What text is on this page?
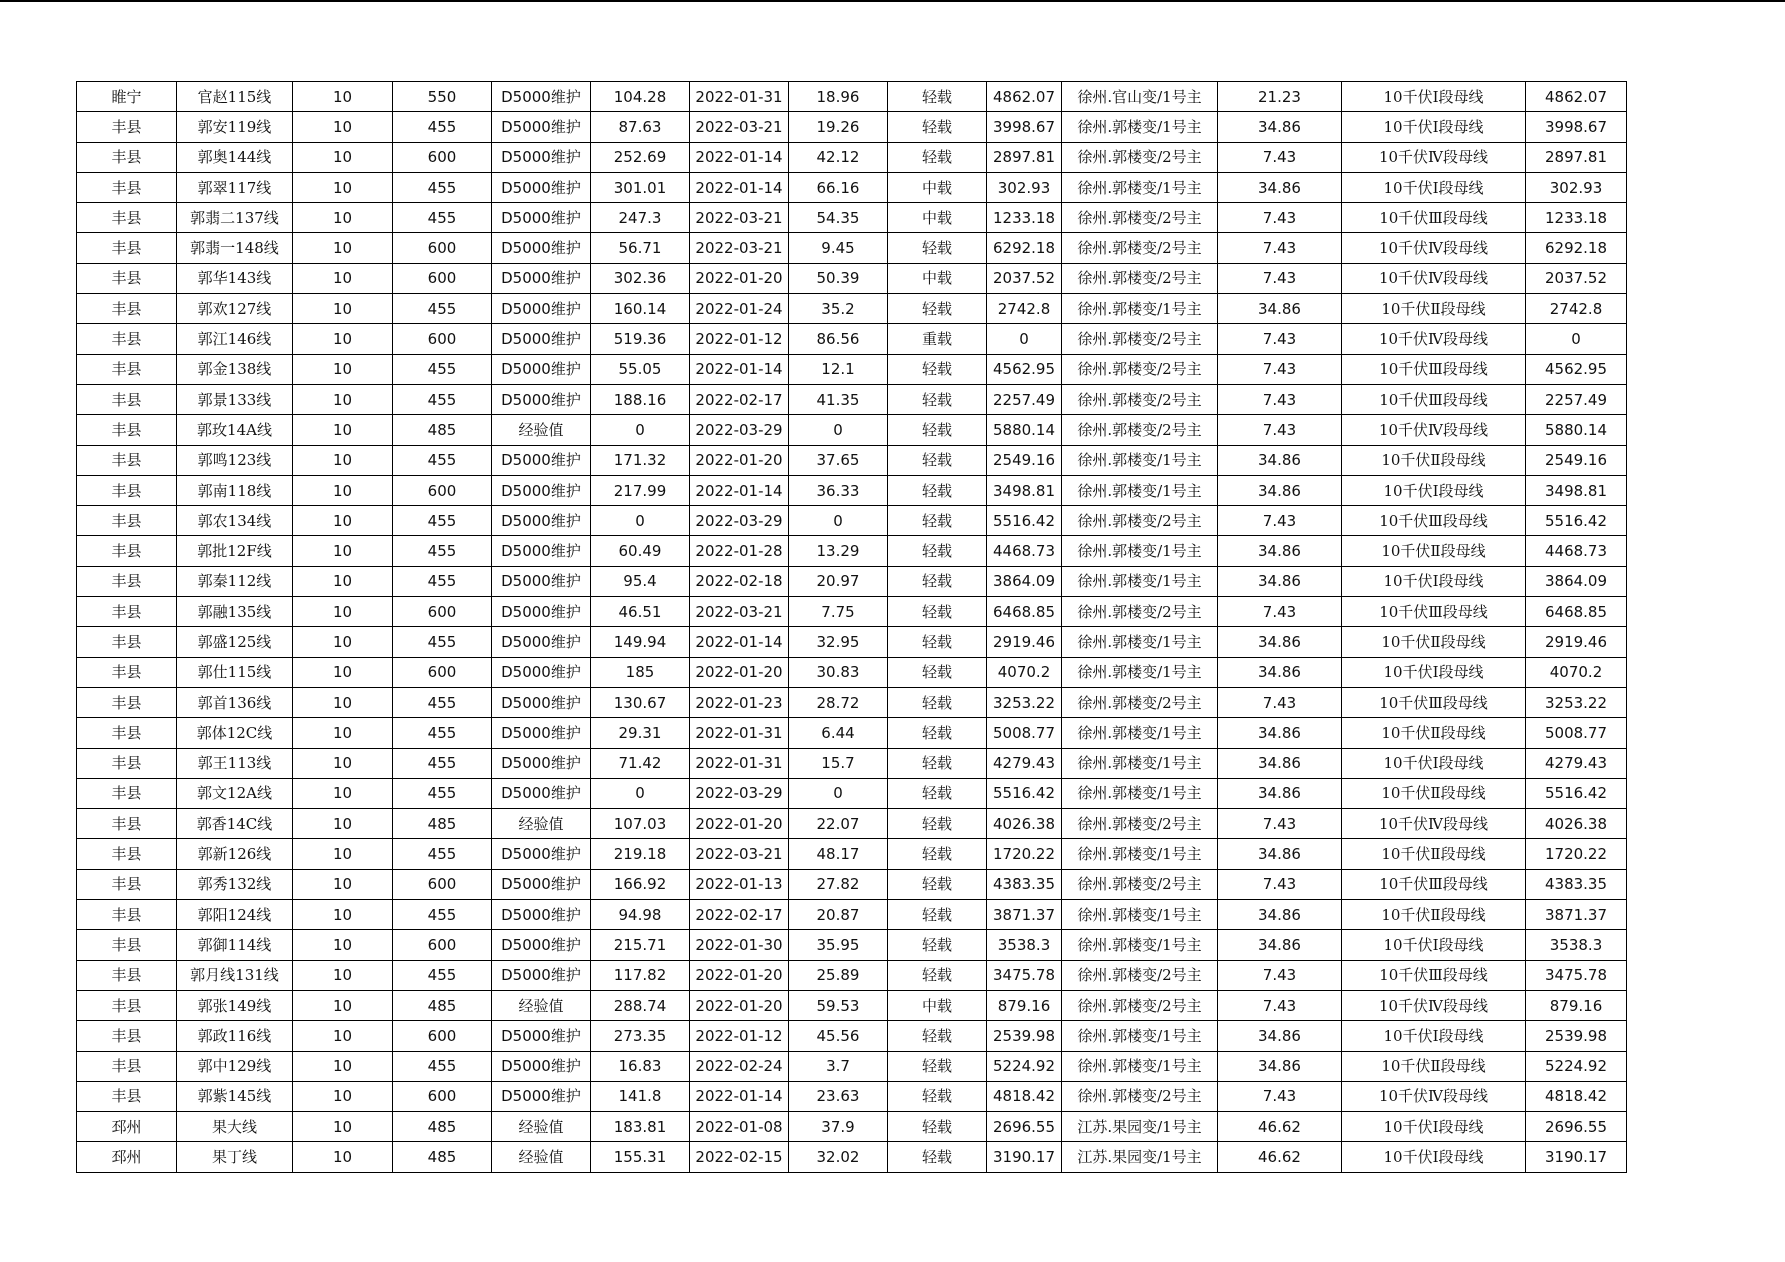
睢宁	官赵115线	10	550	D5000维护	104.28	2022-01-31	18.96	轻载	4862.07	徐州.官山变/1号主	21.23	10千伏Ⅰ段母线	4862.07
丰县	郭安119线	10	455	D5000维护	87.63	2022-03-21	19.26	轻载	3998.67	徐州.郭楼变/1号主	34.86	10千伏Ⅰ段母线	3998.67
丰县	郭奥144线	10	600	D5000维护	252.69	2022-01-14	42.12	轻载	2897.81	徐州.郭楼变/2号主	7.43	10千伏Ⅳ段母线	2897.81
丰县	郭翠117线	10	455	D5000维护	301.01	2022-01-14	66.16	中载	302.93	徐州.郭楼变/1号主	34.86	10千伏Ⅰ段母线	302.93
丰县	郭翡二137线	10	455	D5000维护	247.3	2022-03-21	54.35	中载	1233.18	徐州.郭楼变/2号主	7.43	10千伏Ⅲ段母线	1233.18
丰县	郭翡一148线	10	600	D5000维护	56.71	2022-03-21	9.45	轻载	6292.18	徐州.郭楼变/2号主	7.43	10千伏Ⅳ段母线	6292.18
丰县	郭华143线	10	600	D5000维护	302.36	2022-01-20	50.39	中载	2037.52	徐州.郭楼变/2号主	7.43	10千伏Ⅳ段母线	2037.52
丰县	郭欢127线	10	455	D5000维护	160.14	2022-01-24	35.2	轻载	2742.8	徐州.郭楼变/1号主	34.86	10千伏Ⅱ段母线	2742.8
丰县	郭江146线	10	600	D5000维护	519.36	2022-01-12	86.56	重载	0	徐州.郭楼变/2号主	7.43	10千伏Ⅳ段母线	0
丰县	郭金138线	10	455	D5000维护	55.05	2022-01-14	12.1	轻载	4562.95	徐州.郭楼变/2号主	7.43	10千伏Ⅲ段母线	4562.95
丰县	郭景133线	10	455	D5000维护	188.16	2022-02-17	41.35	轻载	2257.49	徐州.郭楼变/2号主	7.43	10千伏Ⅲ段母线	2257.49
丰县	郭玫14A线	10	485	经验值	0	2022-03-29	0	轻载	5880.14	徐州.郭楼变/2号主	7.43	10千伏Ⅳ段母线	5880.14
丰县	郭鸣123线	10	455	D5000维护	171.32	2022-01-20	37.65	轻载	2549.16	徐州.郭楼变/1号主	34.86	10千伏Ⅱ段母线	2549.16
丰县	郭南118线	10	600	D5000维护	217.99	2022-01-14	36.33	轻载	3498.81	徐州.郭楼变/1号主	34.86	10千伏Ⅰ段母线	3498.81
丰县	郭农134线	10	455	D5000维护	0	2022-03-29	0	轻载	5516.42	徐州.郭楼变/2号主	7.43	10千伏Ⅲ段母线	5516.42
丰县	郭批12F线	10	455	D5000维护	60.49	2022-01-28	13.29	轻载	4468.73	徐州.郭楼变/1号主	34.86	10千伏Ⅱ段母线	4468.73
丰县	郭秦112线	10	455	D5000维护	95.4	2022-02-18	20.97	轻载	3864.09	徐州.郭楼变/1号主	34.86	10千伏Ⅰ段母线	3864.09
丰县	郭融135线	10	600	D5000维护	46.51	2022-03-21	7.75	轻载	6468.85	徐州.郭楼变/2号主	7.43	10千伏Ⅲ段母线	6468.85
丰县	郭盛125线	10	455	D5000维护	149.94	2022-01-14	32.95	轻载	2919.46	徐州.郭楼变/1号主	34.86	10千伏Ⅱ段母线	2919.46
丰县	郭仕115线	10	600	D5000维护	185	2022-01-20	30.83	轻载	4070.2	徐州.郭楼变/1号主	34.86	10千伏Ⅰ段母线	4070.2
丰县	郭首136线	10	455	D5000维护	130.67	2022-01-23	28.72	轻载	3253.22	徐州.郭楼变/2号主	7.43	10千伏Ⅲ段母线	3253.22
丰县	郭体12C线	10	455	D5000维护	29.31	2022-01-31	6.44	轻载	5008.77	徐州.郭楼变/1号主	34.86	10千伏Ⅱ段母线	5008.77
丰县	郭王113线	10	455	D5000维护	71.42	2022-01-31	15.7	轻载	4279.43	徐州.郭楼变/1号主	34.86	10千伏Ⅰ段母线	4279.43
丰县	郭文12A线	10	455	D5000维护	0	2022-03-29	0	轻载	5516.42	徐州.郭楼变/1号主	34.86	10千伏Ⅱ段母线	5516.42
丰县	郭香14C线	10	485	经验值	107.03	2022-01-20	22.07	轻载	4026.38	徐州.郭楼变/2号主	7.43	10千伏Ⅳ段母线	4026.38
丰县	郭新126线	10	455	D5000维护	219.18	2022-03-21	48.17	轻载	1720.22	徐州.郭楼变/1号主	34.86	10千伏Ⅱ段母线	1720.22
丰县	郭秀132线	10	600	D5000维护	166.92	2022-01-13	27.82	轻载	4383.35	徐州.郭楼变/2号主	7.43	10千伏Ⅲ段母线	4383.35
丰县	郭阳124线	10	455	D5000维护	94.98	2022-02-17	20.87	轻载	3871.37	徐州.郭楼变/1号主	34.86	10千伏Ⅱ段母线	3871.37
丰县	郭御114线	10	600	D5000维护	215.71	2022-01-30	35.95	轻载	3538.3	徐州.郭楼变/1号主	34.86	10千伏Ⅰ段母线	3538.3
丰县	郭月线131线	10	455	D5000维护	117.82	2022-01-20	25.89	轻载	3475.78	徐州.郭楼变/2号主	7.43	10千伏Ⅲ段母线	3475.78
丰县	郭张149线	10	485	经验值	288.74	2022-01-20	59.53	中载	879.16	徐州.郭楼变/2号主	7.43	10千伏Ⅳ段母线	879.16
丰县	郭政116线	10	600	D5000维护	273.35	2022-01-12	45.56	轻载	2539.98	徐州.郭楼变/1号主	34.86	10千伏Ⅰ段母线	2539.98
丰县	郭中129线	10	455	D5000维护	16.83	2022-02-24	3.7	轻载	5224.92	徐州.郭楼变/1号主	34.86	10千伏Ⅱ段母线	5224.92
丰县	郭紫145线	10	600	D5000维护	141.8	2022-01-14	23.63	轻载	4818.42	徐州.郭楼变/2号主	7.43	10千伏Ⅳ段母线	4818.42
邳州	果大线	10	485	经验值	183.81	2022-01-08	37.9	轻载	2696.55	江苏.果园变/1号主	46.62	10千伏Ⅰ段母线	2696.55
邳州	果丁线	10	485	经验值	155.31	2022-02-15	32.02	轻载	3190.17	江苏.果园变/1号主	46.62	10千伏Ⅰ段母线	3190.17
